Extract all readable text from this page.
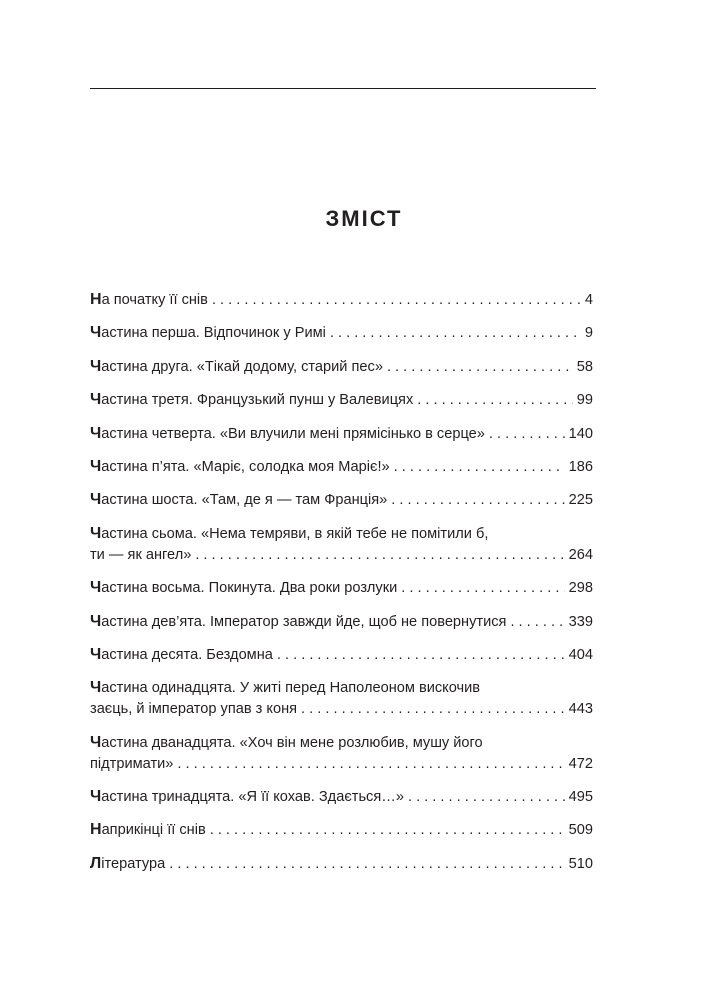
ЗМІСТ
На початку її снів . . .	4
Частина перша. Відпочинок у Римі . . .	9
Частина друга. «Тікай додому, старий пес» . . .	58
Частина третя. Французький пунш у Валевицях . . .	99
Частина четверта. «Ви влучили мені прямісінько в серце» . . .	140
Частина п’ята. «Маріє, солодка моя Маріє!» . . .	186
Частина шоста. «Там, де я — там Франція» . . .	225
Частина сьома. «Нема темряви, в якій тебе не помітили б,
ти — як ангел» . . .	264
Частина восьма. Покинута. Два роки розлуки . . .	298
Частина дев’ята. Імператор завжди йде, щоб не повернутися . . .	339
Частина десята. Бездомна . . .	404
Частина одинадцята. У житі перед Наполеоном вискочив
заєць, й імператор упав з коня . . .	443
Частина дванадцята. «Хоч він мене розлюбив, мушу його
підтримати» . . .	472
Частина тринадцята. «Я її кохав. Здається…» . . .	495
Наприкінці її снів . . .	509
Література . . .	510
